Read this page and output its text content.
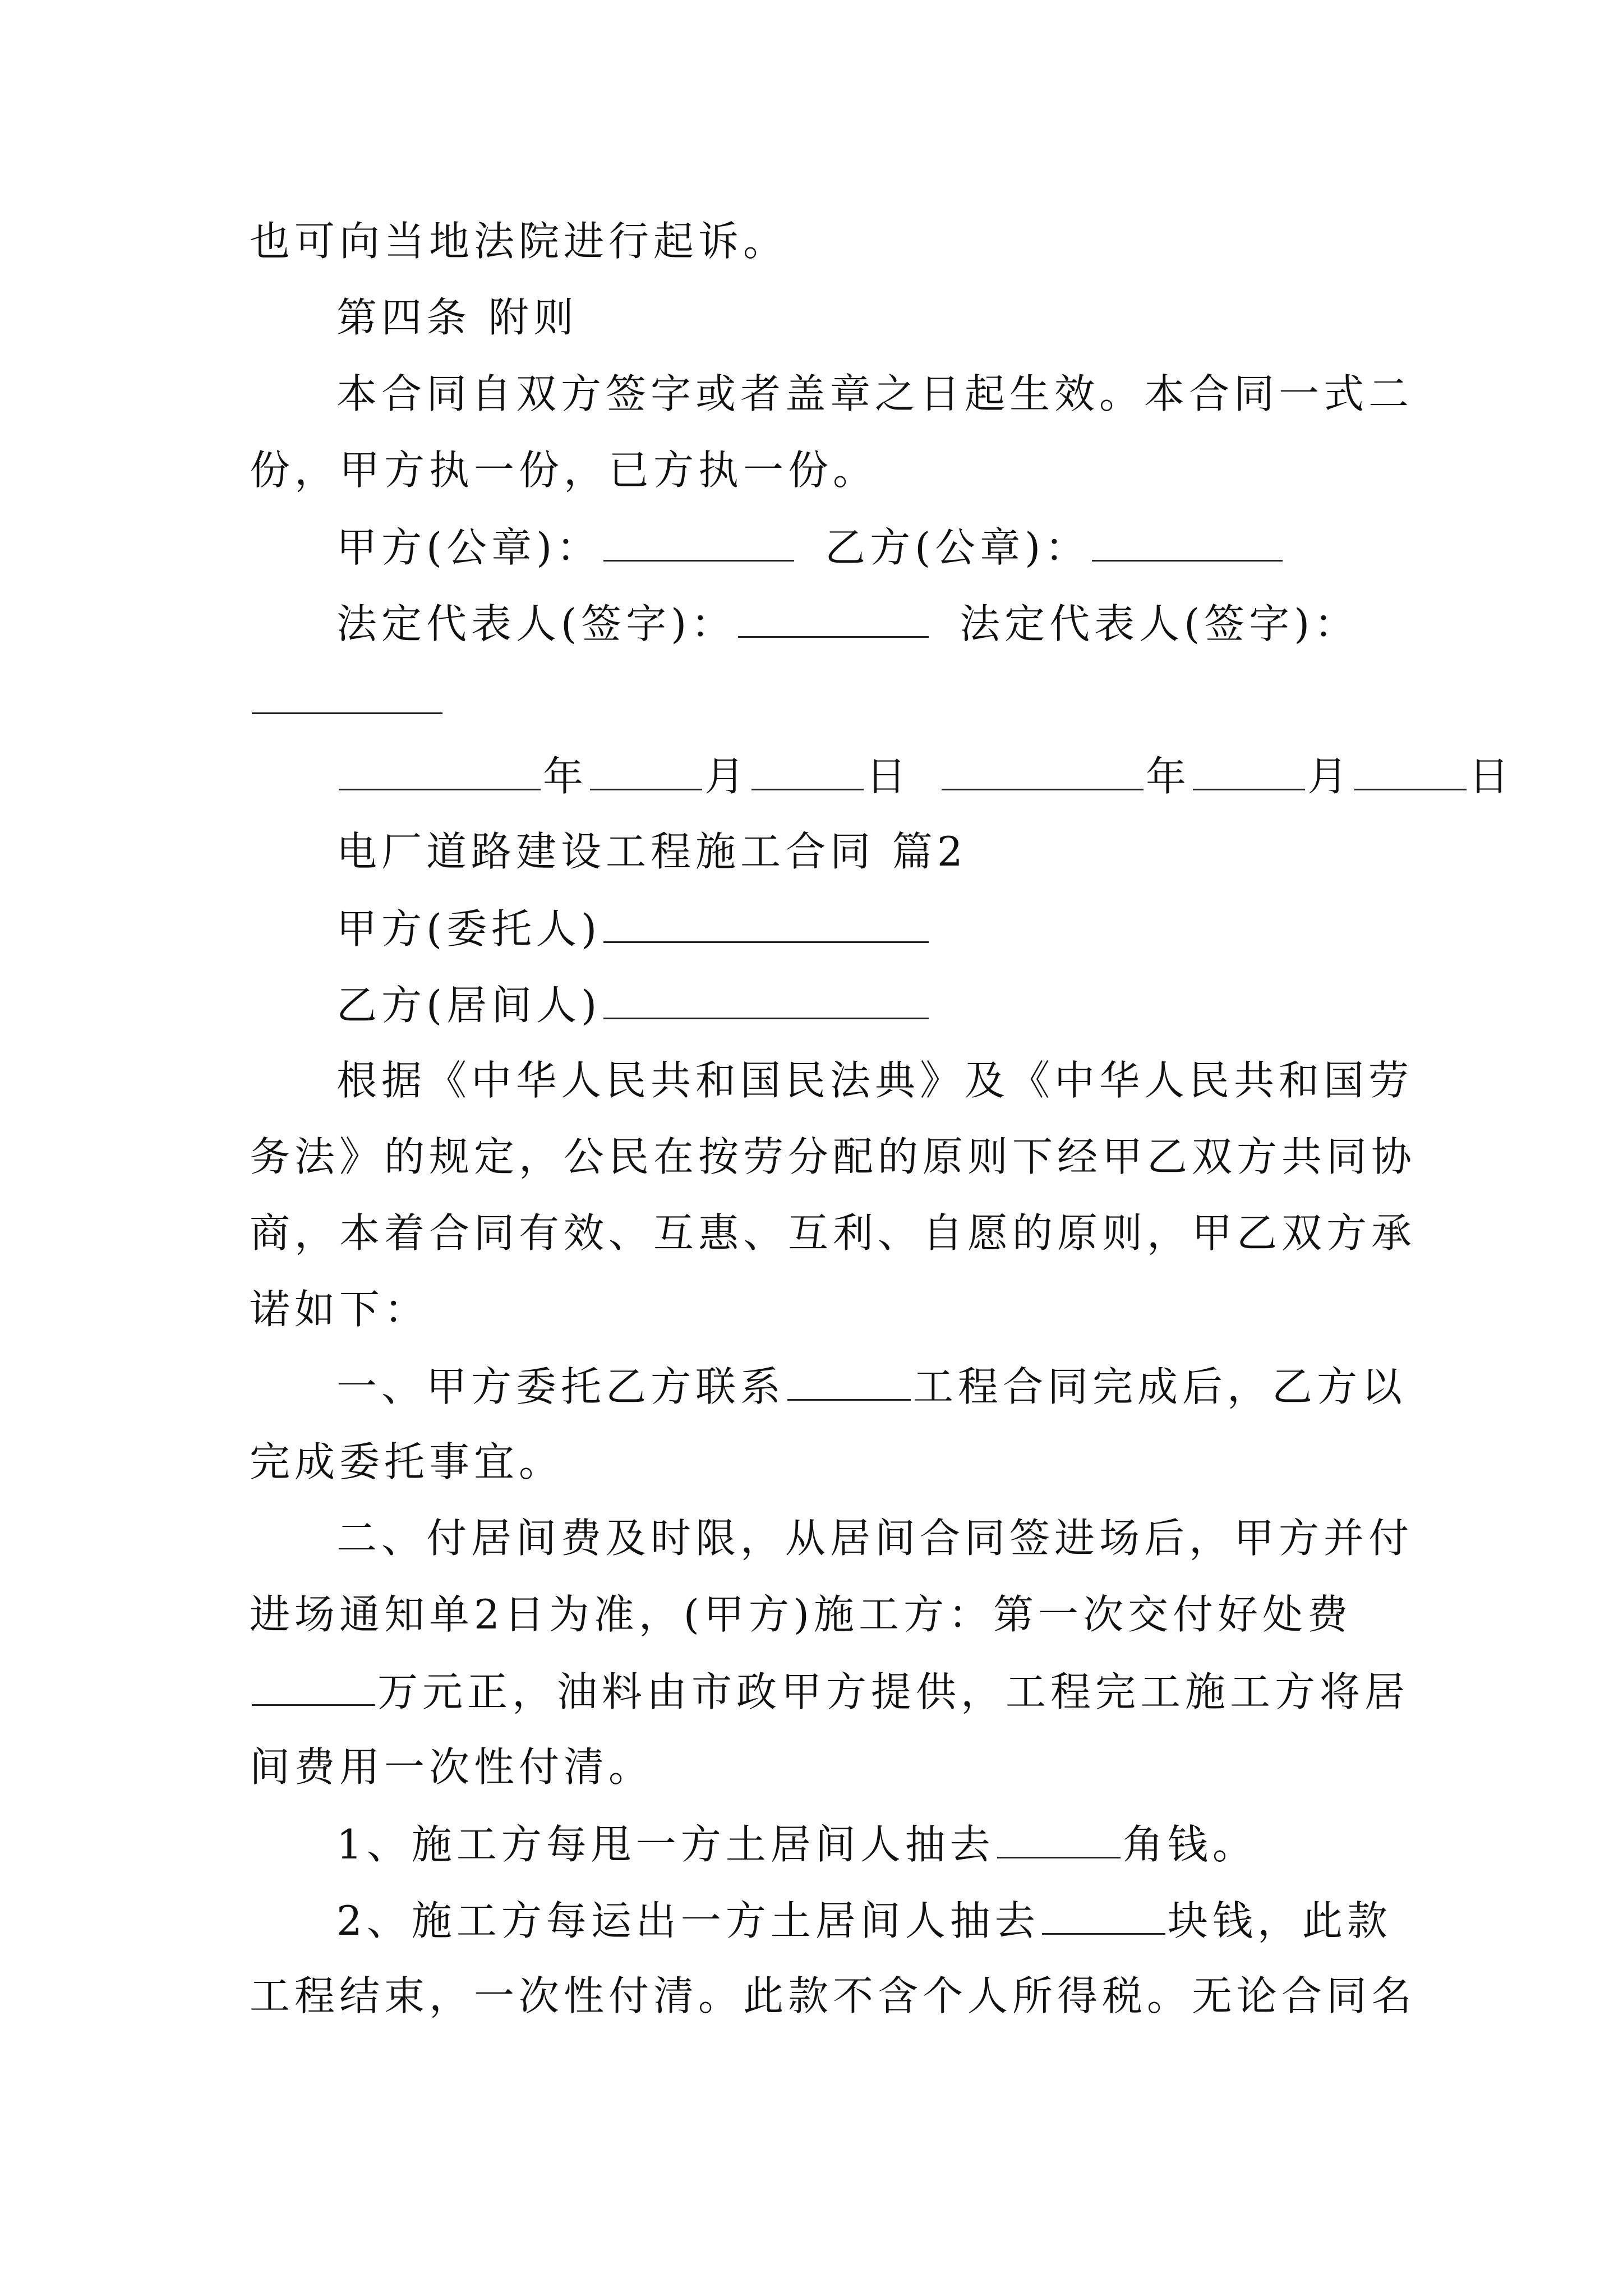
也可向当地法院进行起诉。
第四条 附则
本合同自双方签字或者盖章之日起生效。本合同一式二
份，甲方执一份，已方执一份。
甲方(公章)：	乙方(公章)：
法定代表人(签字)：	法定代表人(签字)：
年	月	日	年	月	日
电厂道路建设工程施工合同 篇2
甲方(委托人)
乙方(居间人)
根据《中华人民共和国民法典》及《中华人民共和国劳
务法》的规定，公民在按劳分配的原则下经甲乙双方共同协
商，本着合同有效、互惠、互利、自愿的原则，甲乙双方承
诺如下：
一、甲方委托乙方联系	工程合同完成后，乙方以
完成委托事宜。
二、付居间费及时限，从居间合同签进场后，甲方并付
进场通知单2日为准，(甲方)施工方：第一次交付好处费
万元正，油料由市政甲方提供，工程完工施工方将居
间费用一次性付清。
1、施工方每甩一方土居间人抽去	角钱。
2、施工方每运出一方土居间人抽去	块钱，此款
工程结束，一次性付清。此款不含个人所得税。无论合同名
